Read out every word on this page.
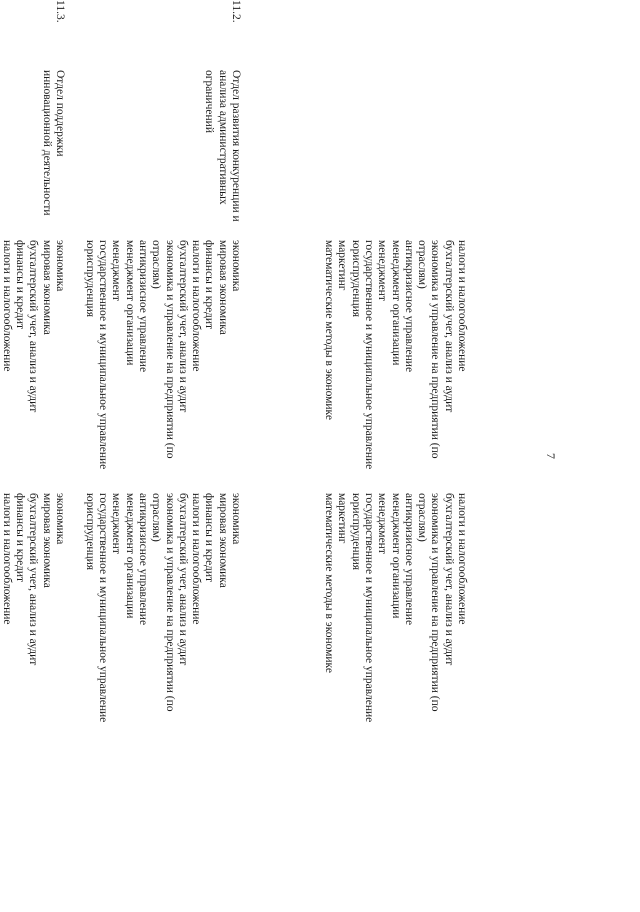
7
налоги и налогообложение
бухгалтерский учет, анализ и аудит
экономика и управление на предприятии (по
отраслям)
антикризисное управление
менеджмент организации
менеджмент
государственное и муниципальное управление
юриспруденция
маркетинг
математические методы в экономике
налоги и налогообложение
бухгалтерский учет, анализ и аудит
экономика и управление на предприятии (по
отраслям)
антикризисное управление
менеджмент организации
менеджмент
государственное и муниципальное управление
юриспруденция
маркетинг
математические методы в экономике
11.2.
Отдел развития конкуренции и анализа административных ограничений
экономика
мировая экономика
финансы и кредит
налоги и налогообложение
бухгалтерский учет, анализ и аудит
экономика и управление на предприятии (по
отраслям)
антикризисное управление
менеджмент организации
менеджмент
государственное и муниципальное управление
юриспруденция
экономика
мировая экономика
финансы и кредит
налоги и налогообложение
бухгалтерский учет, анализ и аудит
экономика и управление на предприятии (по
отраслям)
антикризисное управление
менеджмент организации
менеджмент
государственное и муниципальное управление
юриспруденция
11.3.
Отдел поддержки инновационной деятельности
экономика
мировая экономика
бухгалтерский учет, анализ и аудит
финансы и кредит
налоги и налогообложение
экономика
мировая экономика
бухгалтерский учет, анализ и аудит
финансы и кредит
налоги и налогообложение
